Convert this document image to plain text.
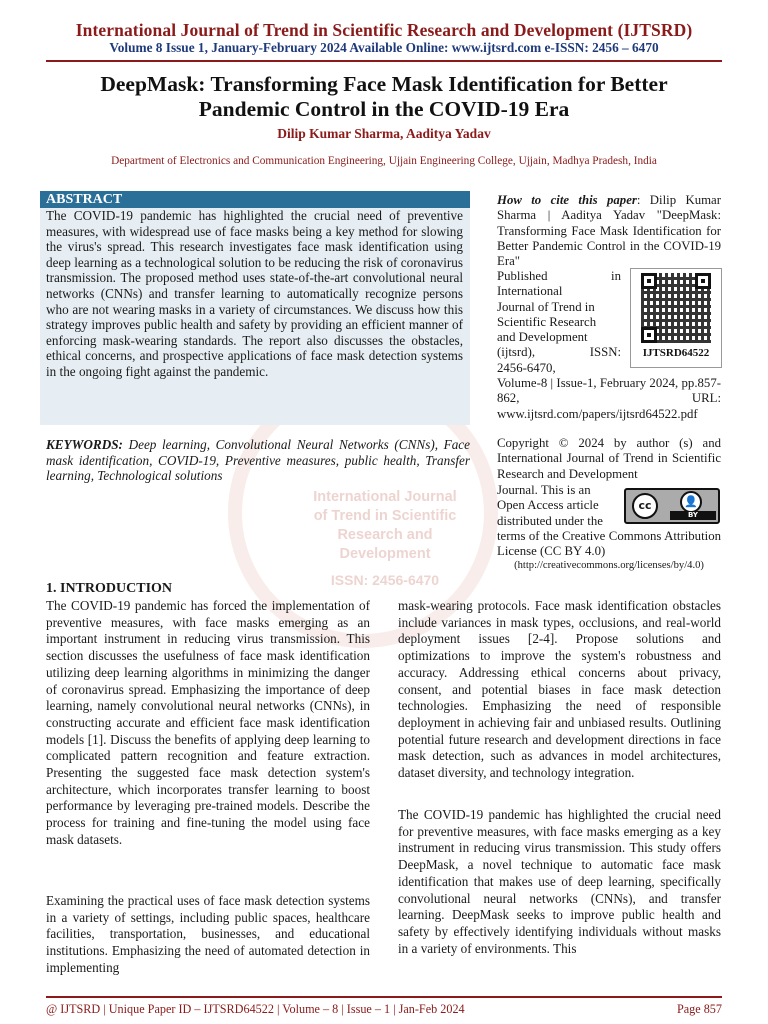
International Journal of Trend in Scientific Research and Development (IJTSRD)
Volume 8 Issue 1, January-February 2024 Available Online: www.ijtsrd.com e-ISSN: 2456 – 6470
DeepMask: Transforming Face Mask Identification for Better
Pandemic Control in the COVID-19 Era
Dilip Kumar Sharma, Aaditya Yadav
Department of Electronics and Communication Engineering, Ujjain Engineering College, Ujjain, Madhya Pradesh, India
International Journal
of Trend in Scientific
Research and
Development
ISSN: 2456-6470
ABSTRACT
The COVID-19 pandemic has highlighted the crucial need of preventive measures, with widespread use of face masks being a key method for slowing the virus's spread. This research investigates face mask identification using deep learning as a technological solution to be reducing the risk of coronavirus transmission. The proposed method uses state-of-the-art convolutional neural networks (CNNs) and transfer learning to automatically recognize persons who are not wearing masks in a variety of circumstances. We discuss how this strategy improves public health and safety by providing an efficient manner of enforcing mask-wearing standards. The report also discusses the obstacles, ethical concerns, and prospective applications of face mask detection systems in the ongoing fight against the pandemic.
KEYWORDS: Deep learning, Convolutional Neural Networks (CNNs), Face mask identification, COVID-19, Preventive measures, public health, Transfer learning, Technological solutions
How to cite this paper: Dilip Kumar Sharma | Aaditya Yadav "DeepMask: Transforming Face Mask Identification for Better Pandemic Control in the COVID-19 Era"
Published	in
International
Journal of Trend in
Scientific Research
and Development
(ijtsrd),	ISSN:
2456-6470,
Volume-8 | Issue-1, February 2024, pp.857-862, URL: www.ijtsrd.com/papers/ijtsrd64522.pdf
IJTSRD64522
Copyright © 2024 by author (s) and International Journal of Trend in Scientific Research and Development
Journal. This is an Open Access article distributed under the
cc	👤
BY
terms of the Creative Commons Attribution License (CC BY 4.0)
(http://creativecommons.org/licenses/by/4.0)
1. INTRODUCTION

The COVID-19 pandemic has forced the implementation of preventive measures, with face masks emerging as an important instrument in reducing virus transmission. This section discusses the usefulness of face mask identification utilizing deep learning algorithms in minimizing the danger of coronavirus spread. Emphasizing the importance of deep learning, namely convolutional neural networks (CNNs), in constructing accurate and efficient face mask identification models [1]. Discuss the benefits of applying deep learning to complicated pattern recognition and feature extraction. Presenting the suggested face mask detection system's architecture, which incorporates transfer learning to boost performance by leveraging pre-trained models. Describe the process for training and fine-tuning the model using face mask datasets.

Examining the practical uses of face mask detection systems in a variety of settings, including public spaces, healthcare facilities, transportation, businesses, and educational institutions. Emphasizing the need of automated detection in implementing

mask-wearing protocols. Face mask identification obstacles include variances in mask types, occlusions, and real-world deployment issues [2-4]. Propose solutions and optimizations to improve the system's robustness and accuracy. Addressing ethical concerns about privacy, consent, and potential biases in face mask detection technologies. Emphasizing the need of responsible deployment in achieving fair and unbiased results. Outlining potential future research and development directions in face mask detection, such as advances in model architectures, dataset diversity, and technology integration.

The COVID-19 pandemic has highlighted the crucial need for preventive measures, with face masks emerging as a key instrument in reducing virus transmission. This study offers DeepMask, a novel technique to automatic face mask identification that makes use of deep learning, specifically convolutional neural networks (CNNs), and transfer learning. DeepMask seeks to improve public health and safety by effectively identifying individuals without masks in a variety of environments. This

@ IJTSRD | Unique Paper ID – IJTSRD64522 | Volume – 8 | Issue – 1 | Jan-Feb 2024	Page 857
